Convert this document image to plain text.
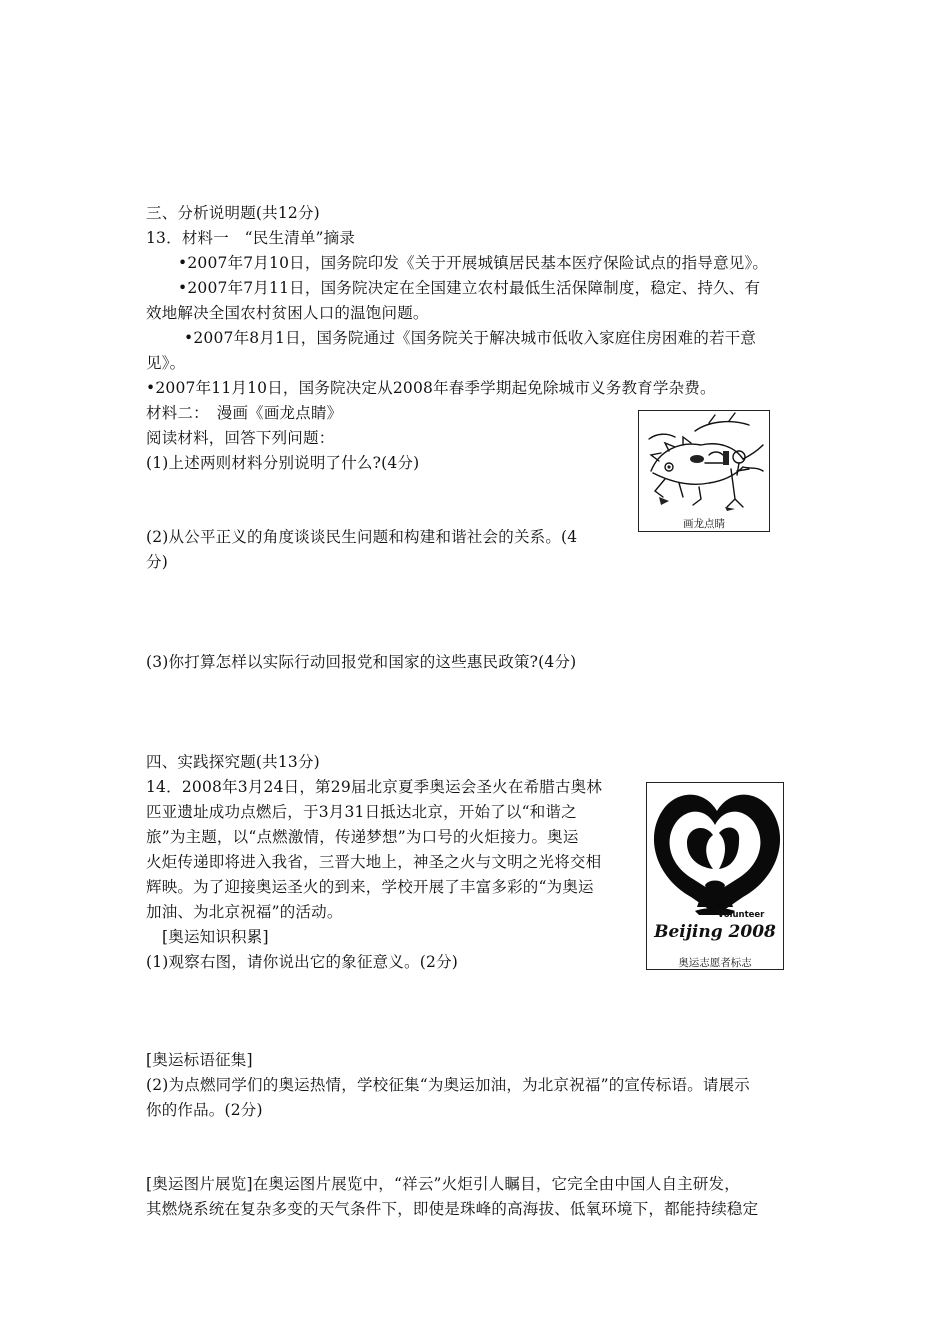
三、分析说明题(共12分)

13．材料一　“民生清单”摘录

•2007年7月10日，国务院印发《关于开展城镇居民基本医疗保险试点的指导意见》。

•2007年7月11日，国务院决定在全国建立农村最低生活保障制度，稳定、持久、有

效地解决全国农村贫困人口的温饱问题。

•2007年8月1日，国务院通过《国务院关于解决城市低收入家庭住房困难的若干意

见》。

•2007年11月10日，国务院决定从2008年春季学期起免除城市义务教育学杂费。

材料二：　漫画《画龙点睛》

阅读材料，回答下列问题：

(1)上述两则材料分别说明了什么?(4分)

(2)从公平正义的角度谈谈民生问题和构建和谐社会的关系。(4

分)

(3)你打算怎样以实际行动回报党和国家的这些惠民政策?(4分)

画龙点睛

四、实践探究题(共13分)

14．2008年3月24日，第29届北京夏季奥运会圣火在希腊古奥林

匹亚遗址成功点燃后，于3月31日抵达北京，开始了以“和谐之

旅”为主题，以“点燃激情，传递梦想”为口号的火炬接力。奥运

火炬传递即将进入我省，三晋大地上，神圣之火与文明之光将交相

辉映。为了迎接奥运圣火的到来，学校开展了丰富多彩的“为奥运

加油、为北京祝福”的活动。

[奥运知识积累]

(1)观察右图，请你说出它的象征意义。(2分)

Volunteer
Beijing 2008
奥运志愿者标志

[奥运标语征集]

(2)为点燃同学们的奥运热情，学校征集“为奥运加油，为北京祝福”的宣传标语。请展示

你的作品。(2分)

[奥运图片展览]在奥运图片展览中，“祥云”火炬引人瞩目，它完全由中国人自主研发，

其燃烧系统在复杂多变的天气条件下，即使是珠峰的高海拔、低氧环境下，都能持续稳定
